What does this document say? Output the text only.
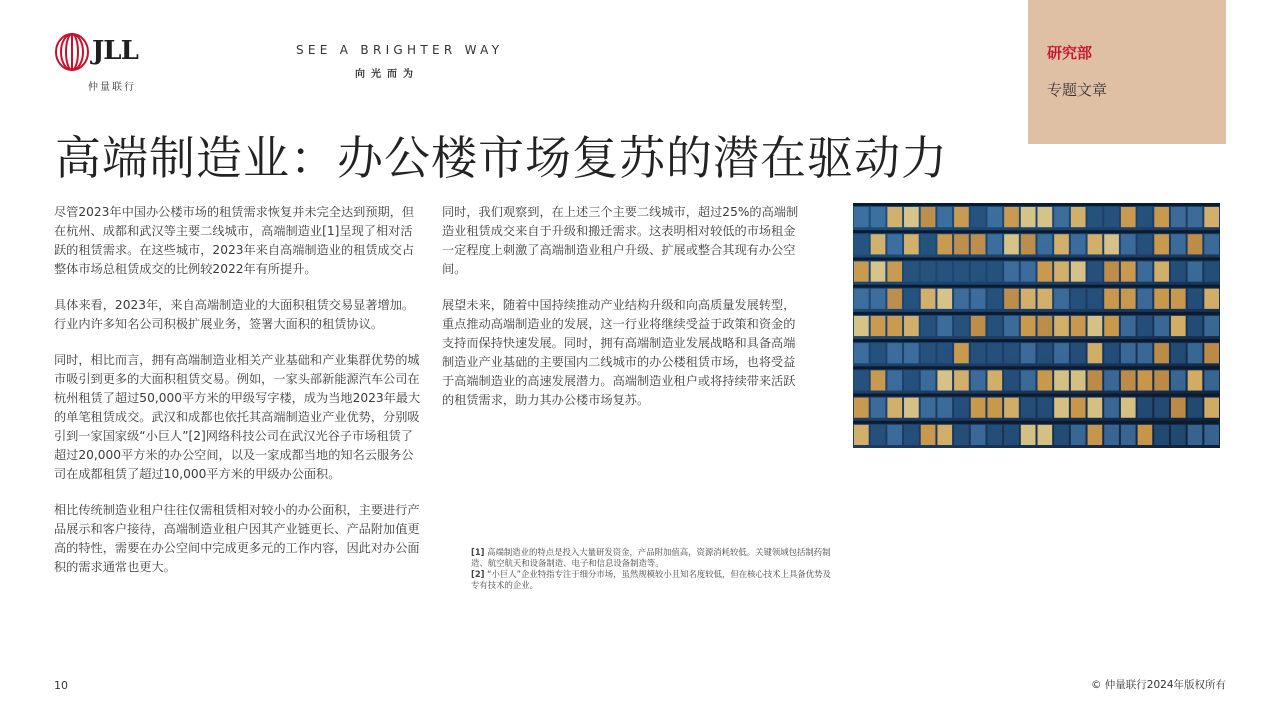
JLL
仲量联行
SEE A BRIGHTER WAY
向光而为
研究部
专题文章
高端制造业：办公楼市场复苏的潜在驱动力

尽管2023年中国办公楼市场的租赁需求恢复并未完全达到预期，但在杭州、成都和武汉等主要二线城市，高端制造业[1]呈现了相对活跃的租赁需求。在这些城市，2023年来自高端制造业的租赁成交占整体市场总租赁成交的比例较2022年有所提升。

具体来看，2023年，来自高端制造业的大面积租赁交易显著增加。行业内许多知名公司积极扩展业务，签署大面积的租赁协议。

同时，相比而言，拥有高端制造业相关产业基础和产业集群优势的城市吸引到更多的大面积租赁交易。例如，一家头部新能源汽车公司在杭州租赁了超过50,000平方米的甲级写字楼，成为当地2023年最大的单笔租赁成交。武汉和成都也依托其高端制造业产业优势，分别吸引到一家国家级“小巨人”[2]网络科技公司在武汉光谷子市场租赁了超过20,000平方米的办公空间，以及一家成都当地的知名云服务公司在成都租赁了超过10,000平方米的甲级办公面积。

相比传统制造业租户往往仅需租赁相对较小的办公面积，主要进行产品展示和客户接待，高端制造业租户因其产业链更长、产品附加值更高的特性，需要在办公空间中完成更多元的工作内容，因此对办公面积的需求通常也更大。

同时，我们观察到，在上述三个主要二线城市，超过25%的高端制造业租赁成交来自于升级和搬迁需求。这表明相对较低的市场租金一定程度上刺激了高端制造业租户升级、扩展或整合其现有办公空间。

展望未来，随着中国持续推动产业结构升级和向高质量发展转型，重点推动高端制造业的发展，这一行业将继续受益于政策和资金的支持而保持快速发展。同时，拥有高端制造业发展战略和具备高端制造业产业基础的主要国内二线城市的办公楼租赁市场，也将受益于高端制造业的高速发展潜力。高端制造业租户或将持续带来活跃的租赁需求，助力其办公楼市场复苏。

[1] 高端制造业的特点是投入大量研发资金，产品附加值高，资源消耗较低。关键领域包括制药制造、航空航天和设备制造、电子和信息设备制造等。
[2] “小巨人”企业特指专注于细分市场，虽然规模较小且知名度较低，但在核心技术上具备优势及专有技术的企业。
10	© 仲量联行2024年版权所有
